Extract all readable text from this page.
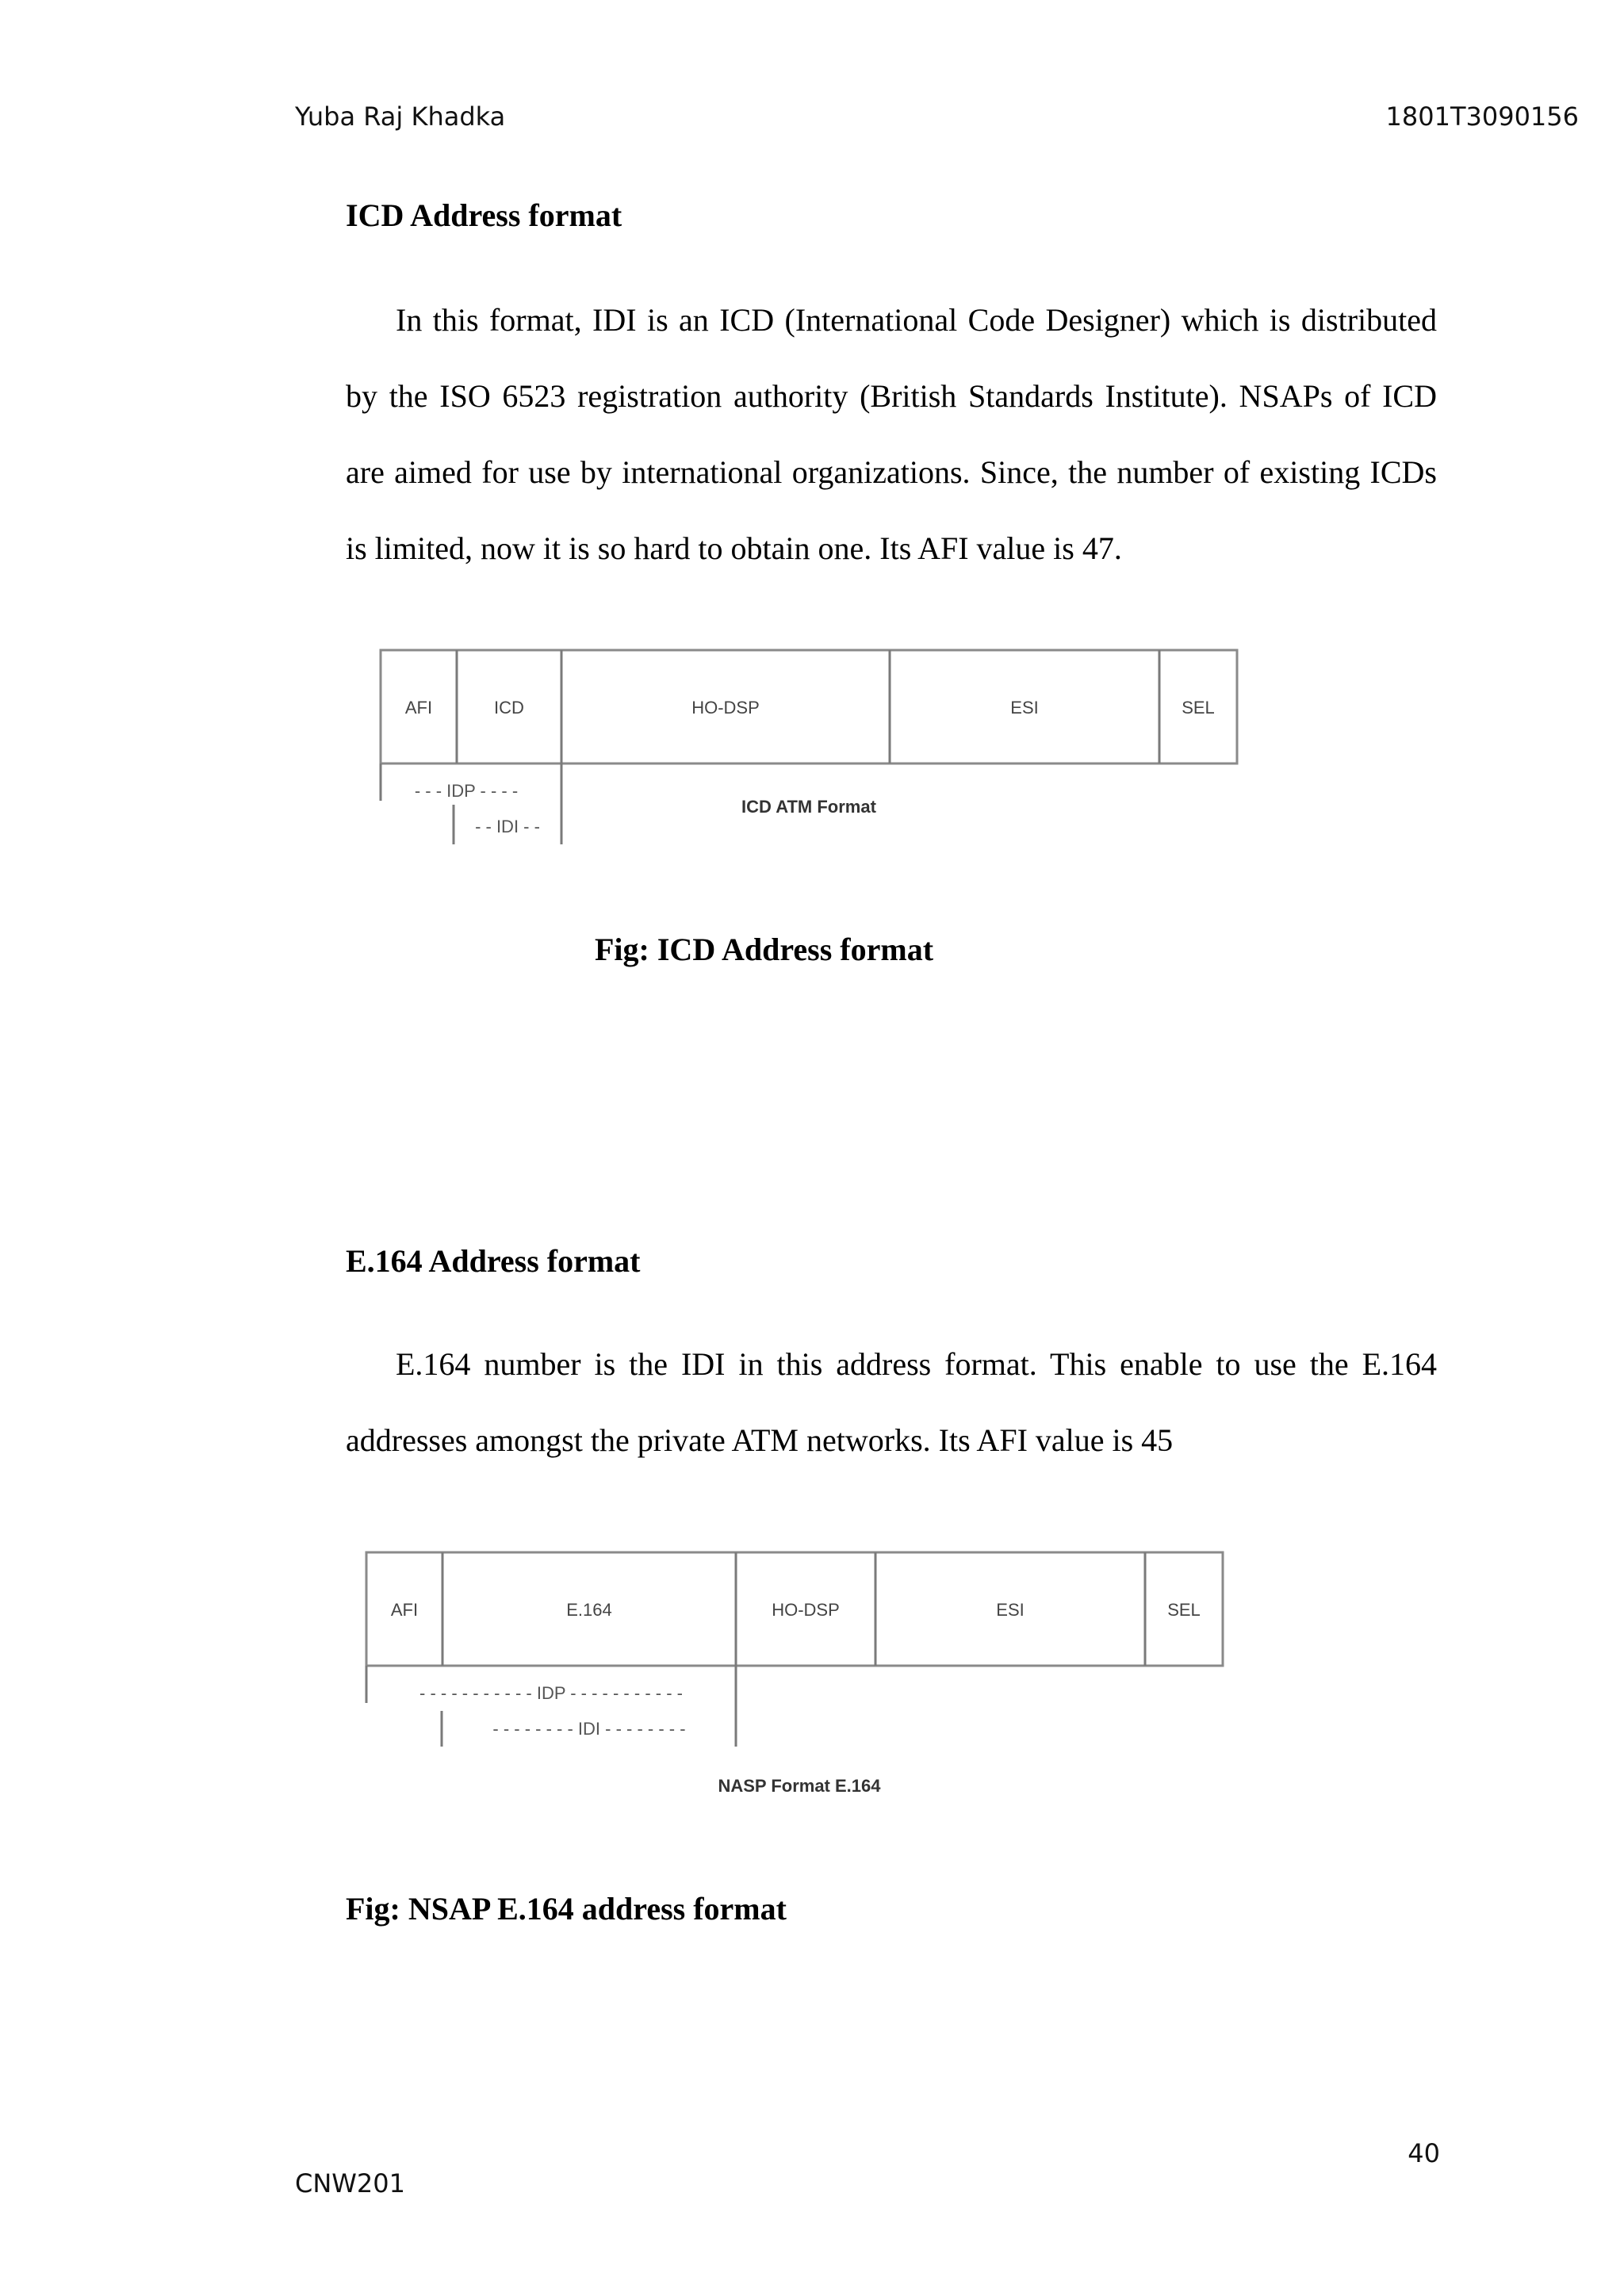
Yuba Raj Khadka	1801T3090156
ICD Address format

In this format, IDI is an ICD (International Code Designer) which is distributed by the ISO 6523 registration authority (British Standards Institute). NSAPs of ICD are aimed for use by international organizations. Since, the number of existing ICDs is limited, now it is so hard to obtain one. Its AFI value is 47.

AFI	ICD	HO-DSP	ESI	SEL
- - - IDP - - - -
- - IDI - -
ICD ATM Format
Fig: ICD Address format
E.164 Address format

E.164 number is the IDI in this address format. This enable to use the E.164 addresses amongst the private ATM networks. Its AFI value is 45

AFI	E.164	HO-DSP	ESI	SEL
- - - - - - - - - - - IDP - - - - - - - - - - -
- - - - - - - - IDI - - - - - - - -
NASP Format E.164
Fig: NSAP E.164 address format
40
CNW201
